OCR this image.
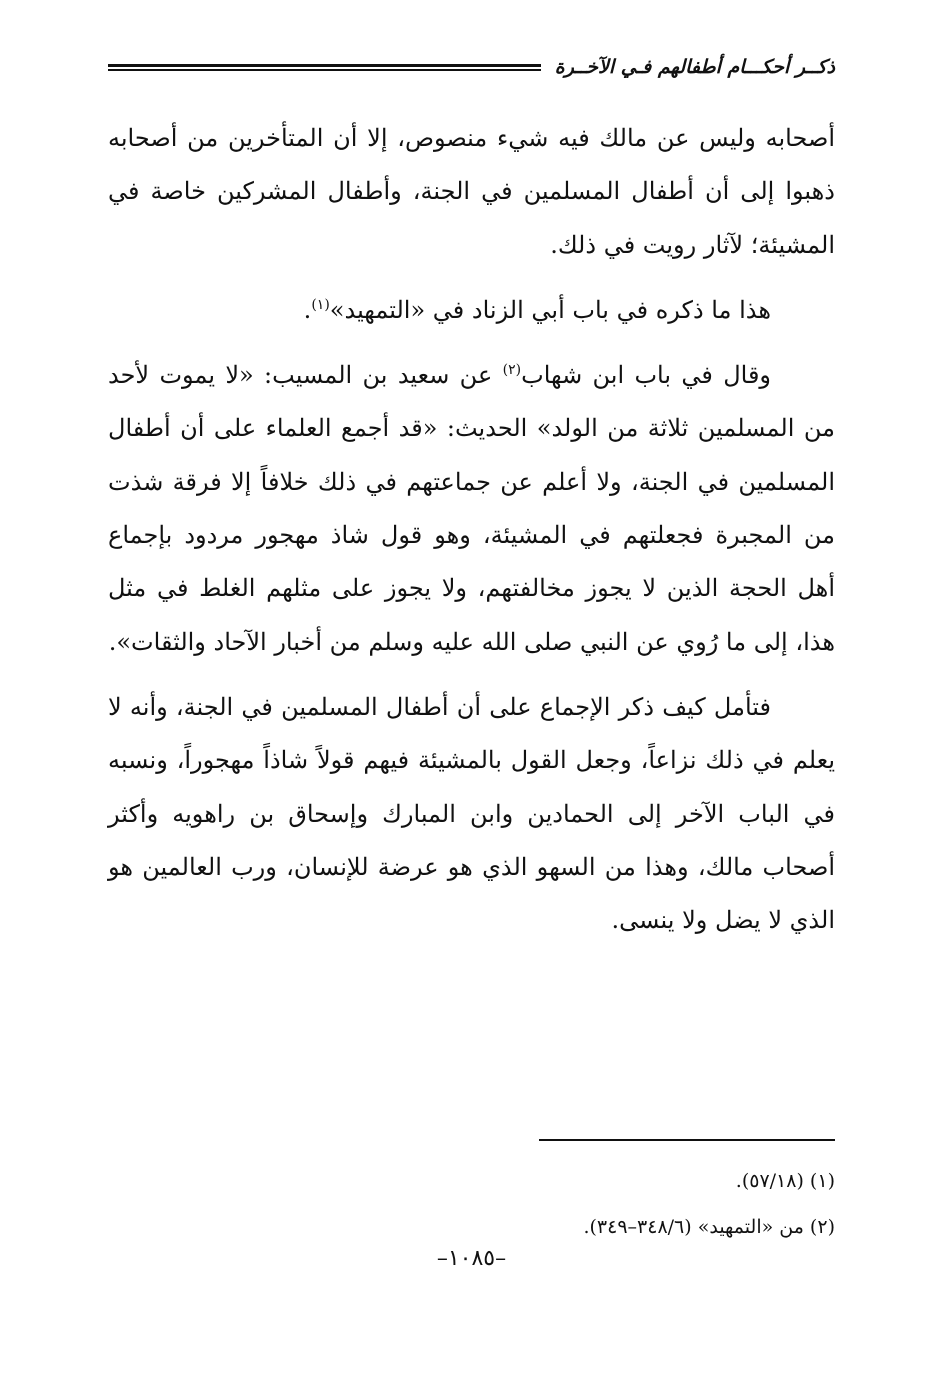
ذكــر أحكـــام أطفالهم فـي الآخــرة

أصحابه وليس عن مالك فيه شيء منصوص، إلا أن المتأخرين من أصحابه ذهبوا إلى أن أطفال المسلمين في الجنة، وأطفال المشركين خاصة في المشيئة؛ لآثار رويت في ذلك.

هذا ما ذكره في باب أبي الزناد في «التمهيد»$^{(١)}$.

وقال في باب ابن شهاب$^{(٢)}$ عن سعيد بن المسيب: «لا يموت لأحد من المسلمين ثلاثة من الولد» الحديث: «قد أجمع العلماء على أن أطفال المسلمين في الجنة، ولا أعلم عن جماعتهم في ذلك خلافاً إلا فرقة شذت من المجبرة فجعلتهم في المشيئة، وهو قول شاذ مهجور مردود بإجماع أهل الحجة الذين لا يجوز مخالفتهم، ولا يجوز على مثلهم الغلط في مثل هذا، إلى ما رُوي عن النبي صلى الله عليه وسلم من أخبار الآحاد والثقات».

فتأمل كيف ذكر الإجماع على أن أطفال المسلمين في الجنة، وأنه لا يعلم في ذلك نزاعاً، وجعل القول بالمشيئة فيهم قولاً شاذاً مهجوراً، ونسبه في الباب الآخر إلى الحمادين وابن المبارك وإسحاق بن راهويه وأكثر أصحاب مالك، وهذا من السهو الذي هو عرضة للإنسان، ورب العالمين هو الذي لا يضل ولا ينسى.

(١) (٥٧/١٨).

(٢) من «التمهيد» (٣٤٨/٦–٣٤٩).

–١٠٨٥–
